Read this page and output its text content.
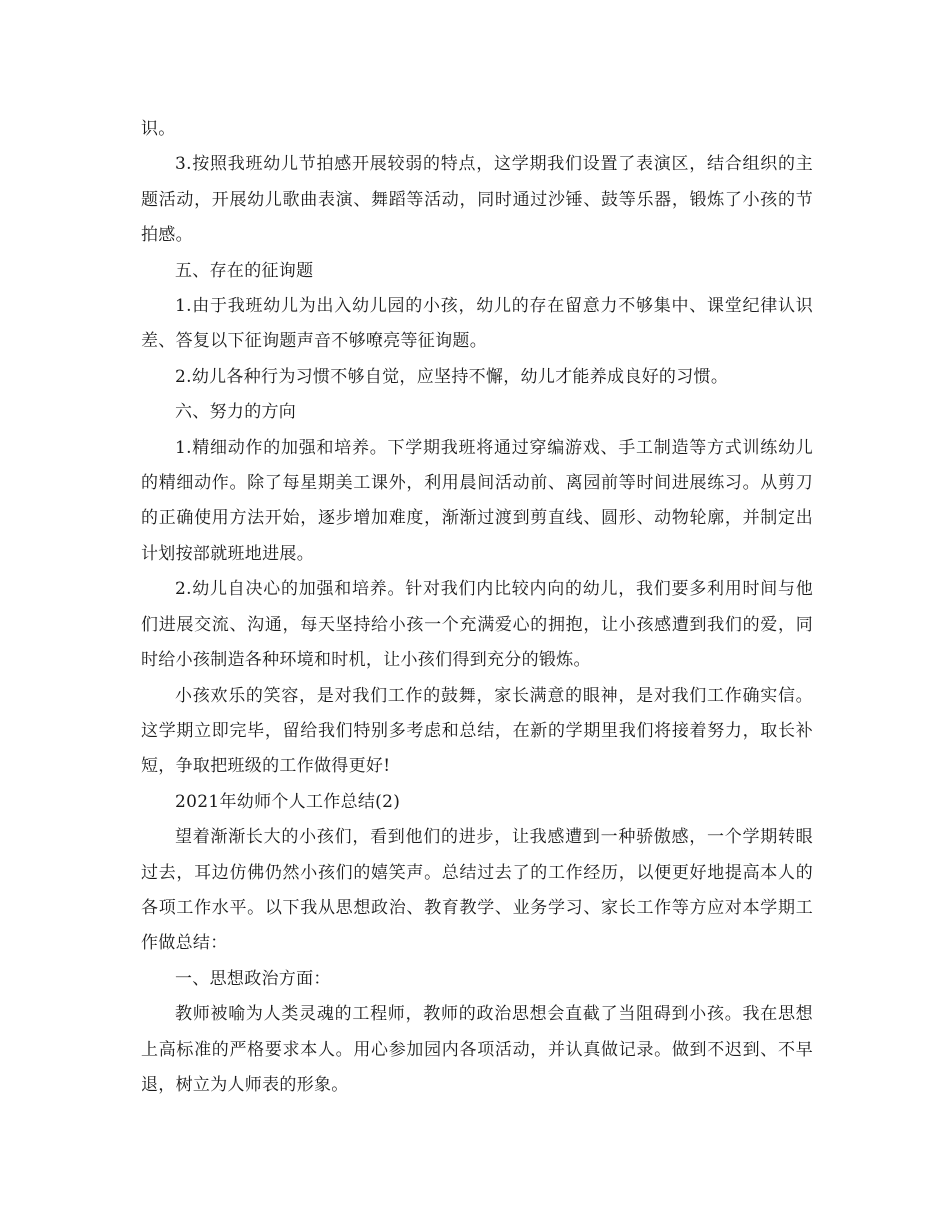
识。

3.按照我班幼儿节拍感开展较弱的特点，这学期我们设置了表演区，结合组织的主题活动，开展幼儿歌曲表演、舞蹈等活动，同时通过沙锤、鼓等乐器，锻炼了小孩的节拍感。

五、存在的征询题

1.由于我班幼儿为出入幼儿园的小孩，幼儿的存在留意力不够集中、课堂纪律认识差、答复以下征询题声音不够嘹亮等征询题。

2.幼儿各种行为习惯不够自觉，应坚持不懈，幼儿才能养成良好的习惯。

六、努力的方向

1.精细动作的加强和培养。下学期我班将通过穿编游戏、手工制造等方式训练幼儿的精细动作。除了每星期美工课外，利用晨间活动前、离园前等时间进展练习。从剪刀的正确使用方法开始，逐步增加难度，渐渐过渡到剪直线、圆形、动物轮廓，并制定出计划按部就班地进展。

2.幼儿自决心的加强和培养。针对我们内比较内向的幼儿，我们要多利用时间与他们进展交流、沟通，每天坚持给小孩一个充满爱心的拥抱，让小孩感遭到我们的爱，同时给小孩制造各种环境和时机，让小孩们得到充分的锻炼。

小孩欢乐的笑容，是对我们工作的鼓舞，家长满意的眼神，是对我们工作确实信。这学期立即完毕，留给我们特别多考虑和总结，在新的学期里我们将接着努力，取长补短，争取把班级的工作做得更好!

2021年幼师个人工作总结(2)

望着渐渐长大的小孩们，看到他们的进步，让我感遭到一种骄傲感，一个学期转眼过去，耳边仿佛仍然小孩们的嬉笑声。总结过去了的工作经历，以便更好地提高本人的各项工作水平。以下我从思想政治、教育教学、业务学习、家长工作等方应对本学期工作做总结：

一、思想政治方面：

教师被喻为人类灵魂的工程师，教师的政治思想会直截了当阻碍到小孩。我在思想上高标准的严格要求本人。用心参加园内各项活动，并认真做记录。做到不迟到、不早退，树立为人师表的形象。
